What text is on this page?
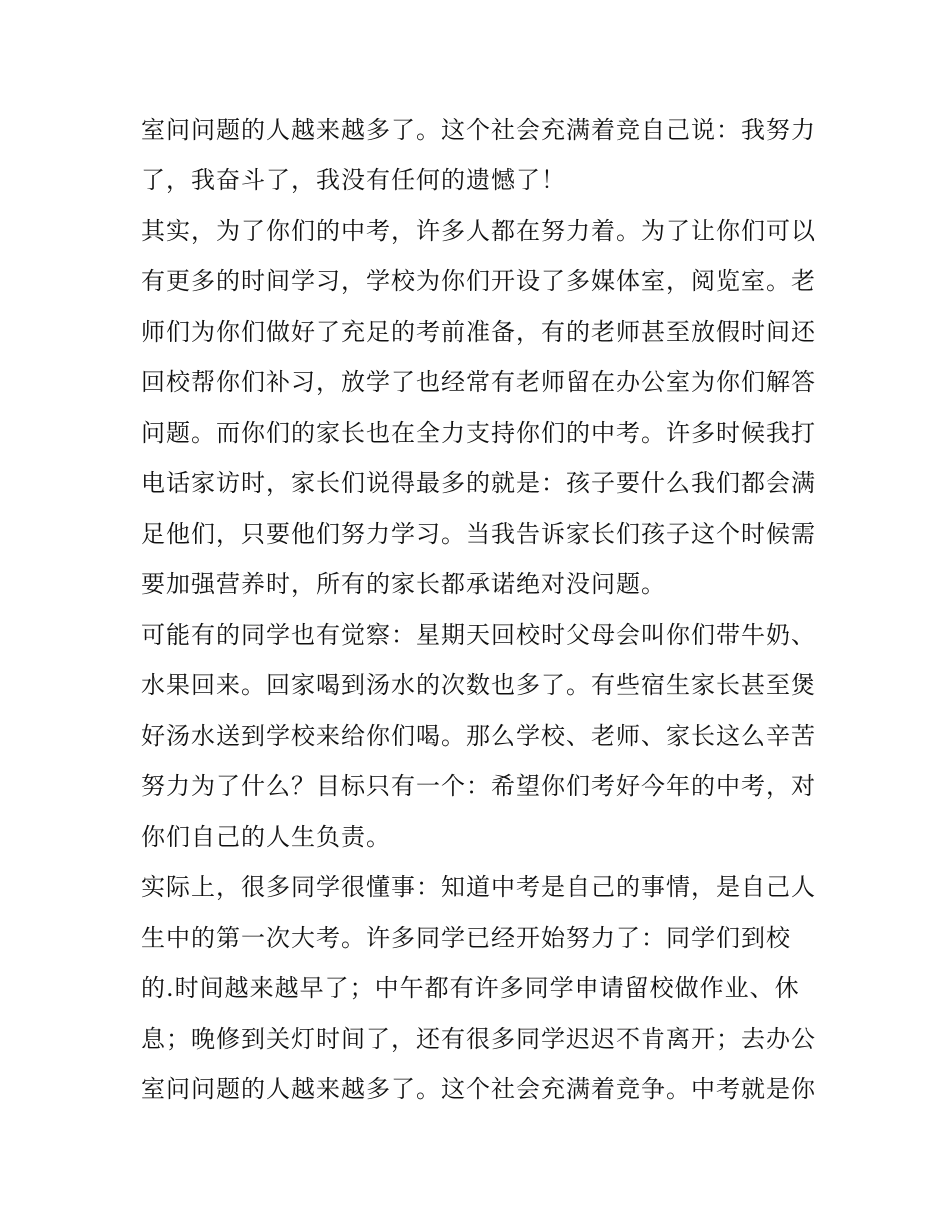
室问问题的人越来越多了。这个社会充满着竞自己说：我努力
了，我奋斗了，我没有任何的遗憾了！
其实，为了你们的中考，许多人都在努力着。为了让你们可以
有更多的时间学习，学校为你们开设了多媒体室，阅览室。老
师们为你们做好了充足的考前准备，有的老师甚至放假时间还
回校帮你们补习，放学了也经常有老师留在办公室为你们解答
问题。而你们的家长也在全力支持你们的中考。许多时候我打
电话家访时，家长们说得最多的就是：孩子要什么我们都会满
足他们，只要他们努力学习。当我告诉家长们孩子这个时候需
要加强营养时，所有的家长都承诺绝对没问题。
可能有的同学也有觉察：星期天回校时父母会叫你们带牛奶、
水果回来。回家喝到汤水的次数也多了。有些宿生家长甚至煲
好汤水送到学校来给你们喝。那么学校、老师、家长这么辛苦
努力为了什么？目标只有一个：希望你们考好今年的中考，对
你们自己的人生负责。
实际上，很多同学很懂事：知道中考是自己的事情，是自己人
生中的第一次大考。许多同学已经开始努力了：同学们到校
的.时间越来越早了；中午都有许多同学申请留校做作业、休
息；晚修到关灯时间了，还有很多同学迟迟不肯离开；去办公
室问问题的人越来越多了。这个社会充满着竞争。中考就是你
